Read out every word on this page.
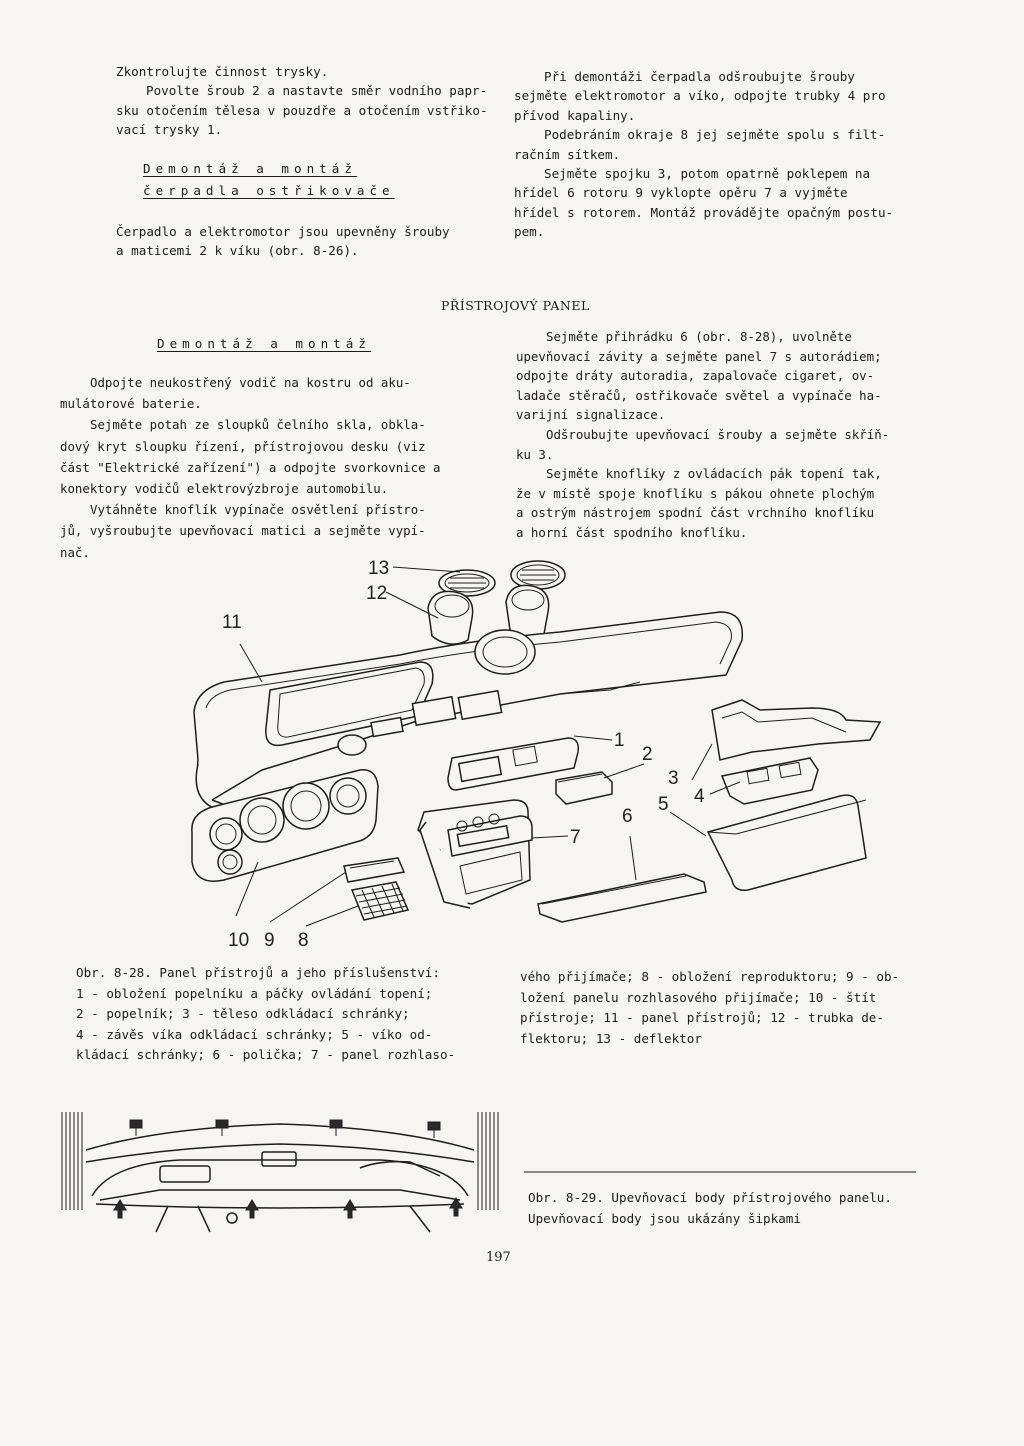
Zkontrolujte činnost trysky.

Povolte šroub 2 a nastavte směr vodního papr-

sku otočením tělesa v pouzdře a otočením vstřiko-

vací trysky 1.

Demontáž a montáž
čerpadla ostřikovače

Čerpadlo a elektromotor jsou upevněny šrouby

a maticemi 2 k víku (obr. 8-26).

Při demontáži čerpadla odšroubujte šrouby

sejměte elektromotor a víko, odpojte trubky 4 pro

přívod kapaliny.

Podebráním okraje 8 jej sejměte spolu s filt-

račním sítkem.

Sejměte spojku 3, potom opatrně poklepem na

hřídel 6 rotoru 9 vyklopte opěru 7 a vyjměte

hřídel s rotorem. Montáž provádějte opačným postu-

pem.

PŘÍSTROJOVÝ PANEL
Demontáž a montáž

Odpojte neukostřený vodič na kostru od aku-

mulátorové baterie.

Sejměte potah ze sloupků čelního skla, obkla-

dový kryt sloupku řízení, přístrojovou desku (viz

část "Elektrické zařízení") a odpojte svorkovnice a

konektory vodičů elektrovýzbroje automobilu.

Vytáhněte knoflík vypínače osvětlení přístro-

jů, vyšroubujte upevňovací matici a sejměte vypí-

nač.

Sejměte přihrádku 6 (obr. 8-28), uvolněte

upevňovací závity a sejměte panel 7 s autorádiem;

odpojte dráty autoradia, zapalovače cigaret, ov-

ladače stěračů, ostřikovače světel a vypínače ha-

varijní signalizace.

Odšroubujte upevňovací šrouby a sejměte skříň-

ku 3.

Sejměte knoflíky z ovládacích pák topení tak,

že v místě spoje knoflíku s pákou ohnete plochým

a ostrým nástrojem spodní část vrchního knoflíku

a horní část spodního knoflíku.

13
12
11
1
2
3
4
5
6
7
10 9 8

Obr. 8-28. Panel přístrojů a jeho příslušenství:

1 - obložení popelníku a páčky ovládání topení;

2 - popelník; 3 - těleso odkládací schránky;

4 - závěs víka odkládací schránky; 5 - víko od-

kládací schránky; 6 - polička; 7 - panel rozhlaso-

vého přijímače; 8 - obložení reproduktoru; 9 - ob-

ložení panelu rozhlasového přijímače; 10 - štít

přístroje; 11 - panel přístrojů; 12 - trubka de-

flektoru; 13 - deflektor

Obr. 8-29. Upevňovací body přístrojového panelu.

Upevňovací body jsou ukázány šipkami

197
